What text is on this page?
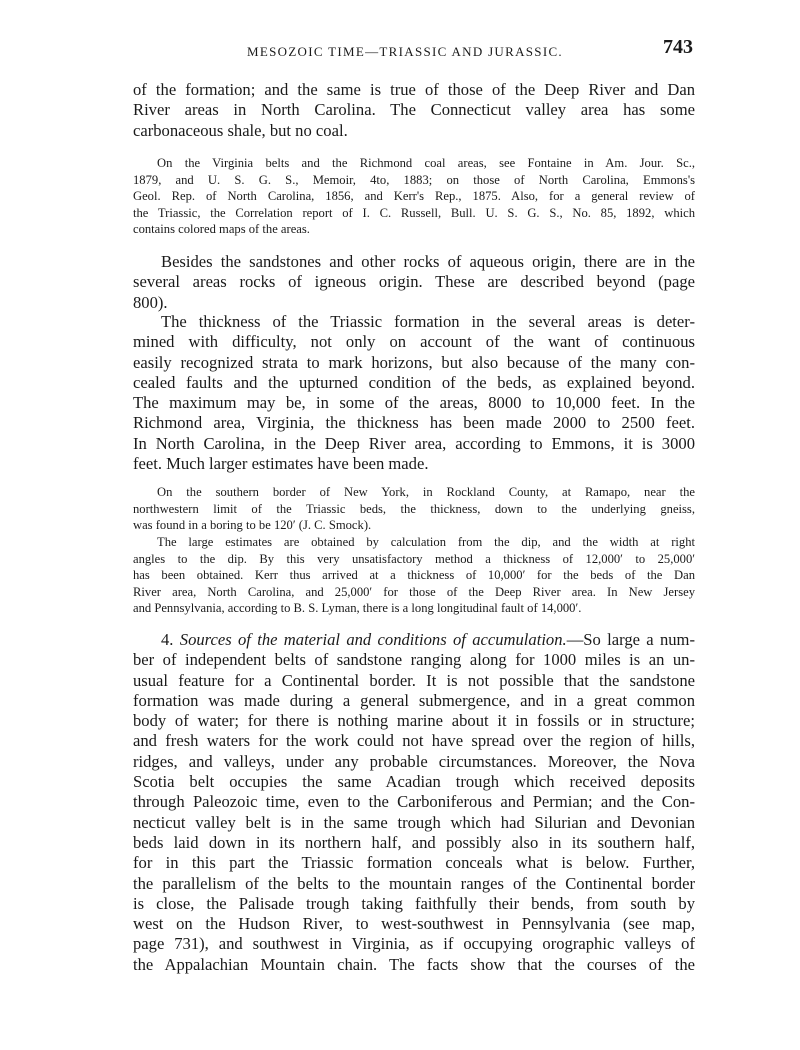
MESOZOIC TIME—TRIASSIC AND JURASSIC.	743

of the formation; and the same is true of those of the Deep River and Dan
River areas in North Carolina. The Connecticut valley area has some
carbonaceous shale, but no coal.

On the Virginia belts and the Richmond coal areas, see Fontaine in Am. Jour. Sc.,
1879, and U. S. G. S., Memoir, 4to, 1883; on those of North Carolina, Emmons's
Geol. Rep. of North Carolina, 1856, and Kerr's Rep., 1875. Also, for a general review of
the Triassic, the Correlation report of I. C. Russell, Bull. U. S. G. S., No. 85, 1892, which
contains colored maps of the areas.

Besides the sandstones and other rocks of aqueous origin, there are in the
several areas rocks of igneous origin. These are described beyond (page
800).

The thickness of the Triassic formation in the several areas is deter-
mined with difficulty, not only on account of the want of continuous
easily recognized strata to mark horizons, but also because of the many con-
cealed faults and the upturned condition of the beds, as explained beyond.
The maximum may be, in some of the areas, 8000 to 10,000 feet. In the
Richmond area, Virginia, the thickness has been made 2000 to 2500 feet.
In North Carolina, in the Deep River area, according to Emmons, it is 3000
feet. Much larger estimates have been made.

On the southern border of New York, in Rockland County, at Ramapo, near the
northwestern limit of the Triassic beds, the thickness, down to the underlying gneiss,
was found in a boring to be 120′ (J. C. Smock).

The large estimates are obtained by calculation from the dip, and the width at right
angles to the dip. By this very unsatisfactory method a thickness of 12,000′ to 25,000′
has been obtained. Kerr thus arrived at a thickness of 10,000′ for the beds of the Dan
River area, North Carolina, and 25,000′ for those of the Deep River area. In New Jersey
and Pennsylvania, according to B. S. Lyman, there is a long longitudinal fault of 14,000′.

4. Sources of the material and conditions of accumulation.—So large a num-
ber of independent belts of sandstone ranging along for 1000 miles is an un-
usual feature for a Continental border. It is not possible that the sandstone
formation was made during a general submergence, and in a great common
body of water; for there is nothing marine about it in fossils or in structure;
and fresh waters for the work could not have spread over the region of hills,
ridges, and valleys, under any probable circumstances. Moreover, the Nova
Scotia belt occupies the same Acadian trough which received deposits
through Paleozoic time, even to the Carboniferous and Permian; and the Con-
necticut valley belt is in the same trough which had Silurian and Devonian
beds laid down in its northern half, and possibly also in its southern half,
for in this part the Triassic formation conceals what is below. Further,
the parallelism of the belts to the mountain ranges of the Continental border
is close, the Palisade trough taking faithfully their bends, from south by
west on the Hudson River, to west-southwest in Pennsylvania (see map,
page 731), and southwest in Virginia, as if occupying orographic valleys of
the Appalachian Mountain chain. The facts show that the courses of the
